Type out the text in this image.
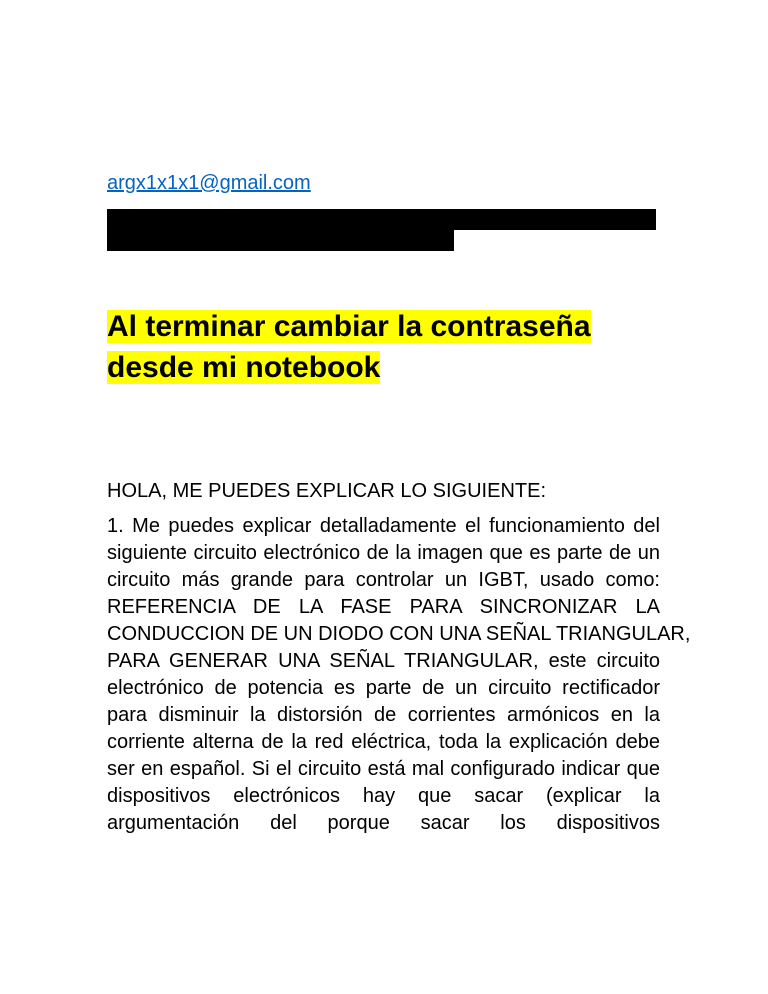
argx1x1x1@gmail.com
Al terminar cambiar la contraseña desde mi notebook
HOLA, ME PUEDES EXPLICAR LO SIGUIENTE:
1. Me puedes explicar detalladamente el funcionamiento del
siguiente circuito electrónico de la imagen que es parte de un
circuito más grande para controlar un IGBT, usado como:
REFERENCIA DE LA FASE PARA SINCRONIZAR LA
CONDUCCION DE UN DIODO CON UNA SEÑAL TRIANGULAR,
PARA GENERAR UNA SEÑAL TRIANGULAR, este circuito
electrónico de potencia es parte de un circuito rectificador
para disminuir la distorsión de corrientes armónicos en la
corriente alterna de la red eléctrica, toda la explicación debe
ser en español. Si el circuito está mal configurado indicar que
dispositivos electrónicos hay que sacar (explicar la
argumentación del porque sacar los dispositivos
